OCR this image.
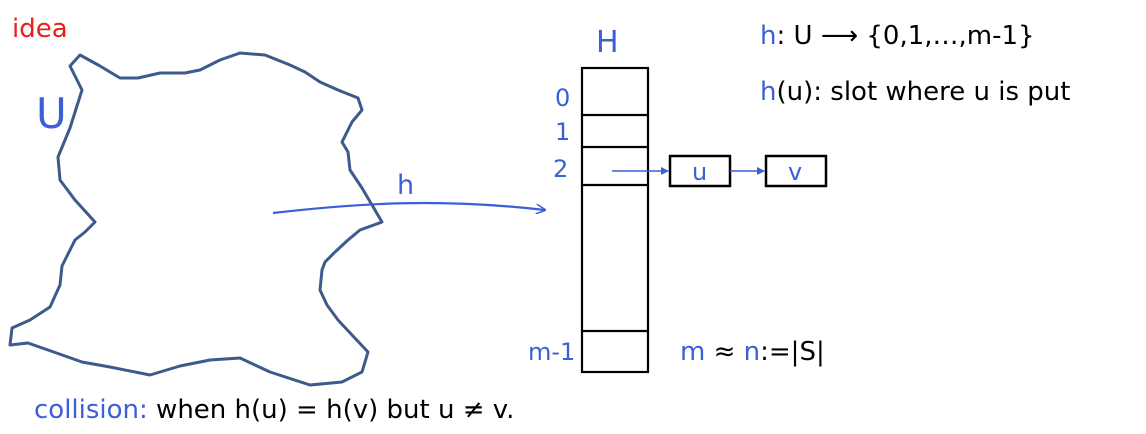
idea
U
h
H
0
1
2
m-1
u	v
h: U ⟶ {0,1,…,m-1}
h(u): slot where u is put
m ≈ n:=|S|
collision: when h(u) = h(v) but u ≠ v.
